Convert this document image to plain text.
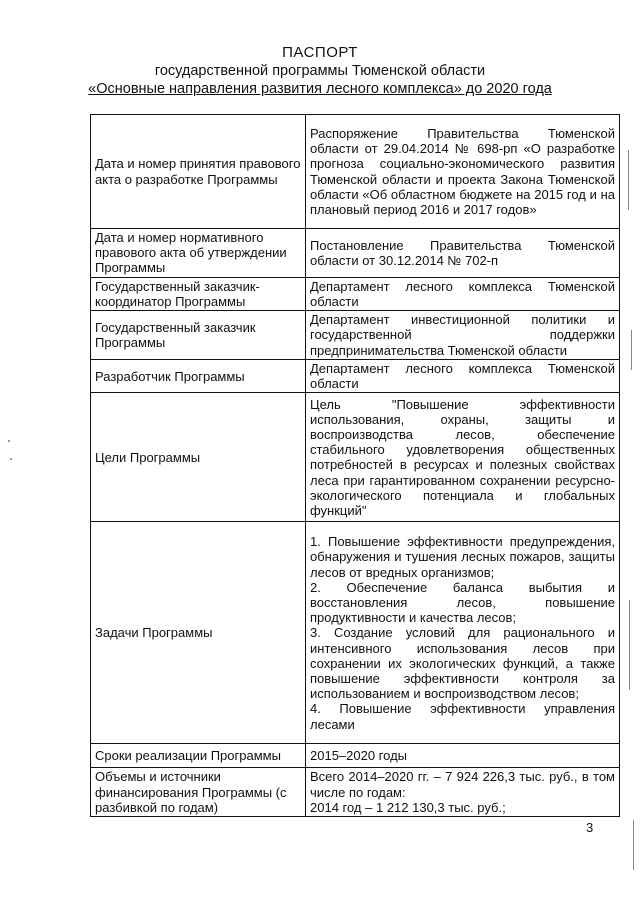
ПАСПОРТ
государственной программы Тюменской области
«Основные направления развития лесного комплекса» до 2020 года
Дата и номер принятия правового акта о разработке Программы	Распоряжение Правительства Тюменской области от 29.04.2014 № 698-рп «О разработке прогноза социально-экономического развития Тюменской области и проекта Закона Тюменской области «Об областном бюджете на 2015 год и на плановый период 2016 и 2017 годов»

Дата и номер нормативного правового акта об утверждении Программы	Постановление Правительства Тюменской области от 30.12.2014 № 702-п

Государственный заказчик-координатор Программы	Департамент лесного комплекса Тюменской области

Государственный заказчик Программы	Департамент инвестиционной политики и государственной поддержки предпринимательства Тюменской области

Разработчик Программы	Департамент лесного комплекса Тюменской области

Цели Программы	Цель "Повышение эффективности использования, охраны, защиты и воспроизводства лесов, обеспечение стабильного удовлетворения общественных потребностей в ресурсах и полезных свойствах леса при гарантированном сохранении ресурсно-экологического потенциала и глобальных функций"

Задачи Программы	1. Повышение эффективности предупреждения, обнаружения и тушения лесных пожаров, защиты лесов от вредных организмов;
2. Обеспечение баланса выбытия и восстановления лесов, повышение продуктивности и качества лесов;
3. Создание условий для рационального и интенсивного использования лесов при сохранении их экологических функций, а также повышение эффективности контроля за использованием и воспроизводством лесов;
4. Повышение эффективности управления лесами

Сроки реализации Программы	2015–2020 годы

Объемы и источники финансирования Программы (с разбивкой по годам)	Всего 2014–2020 гг. – 7 924 226,3 тыс. руб., в том числе по годам:
2014 год – 1 212 130,3 тыс. руб.;
3
